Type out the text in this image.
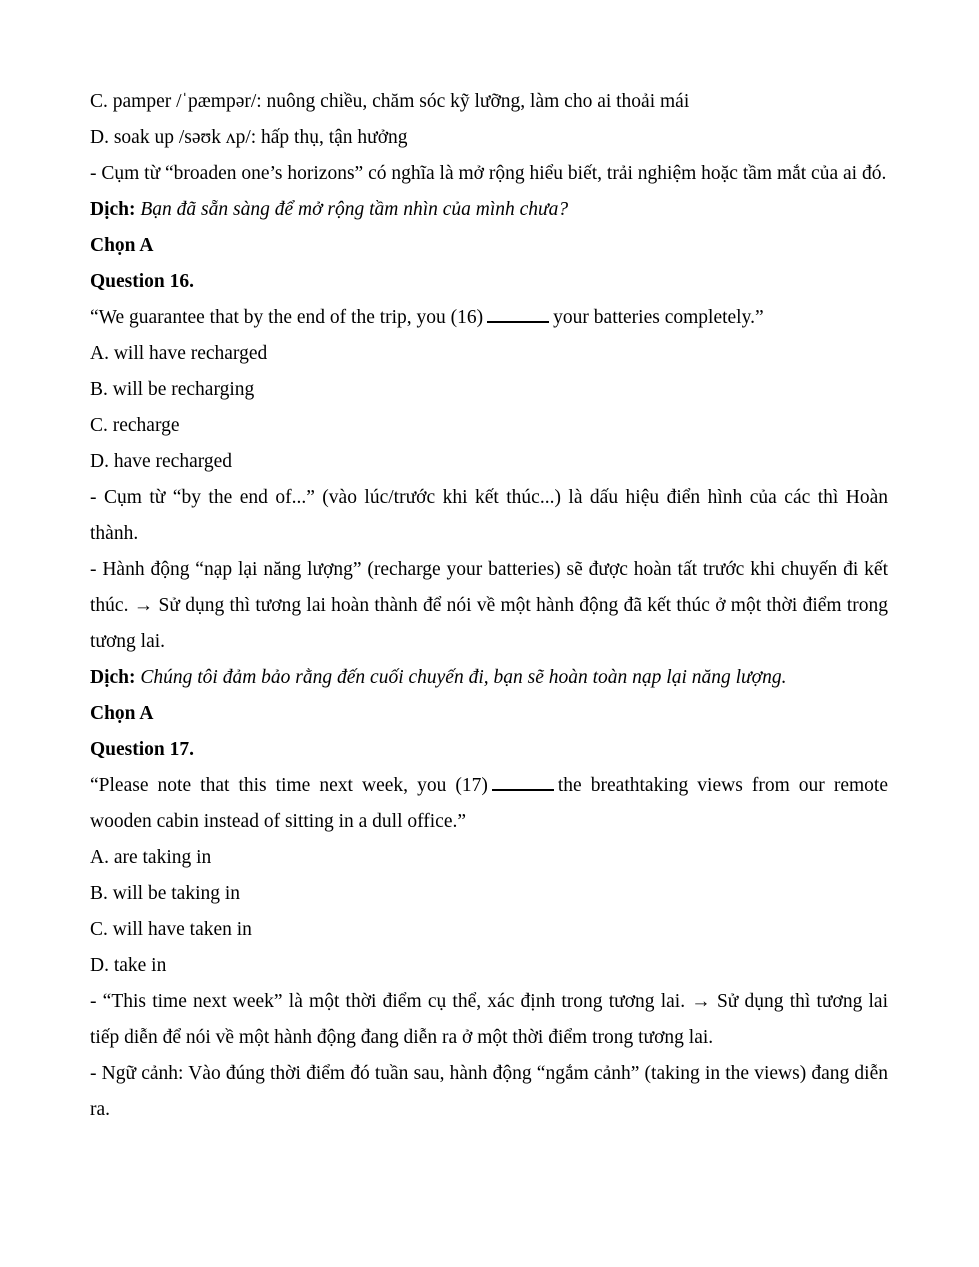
C. pamper /ˈpæmpər/: nuông chiều, chăm sóc kỹ lưỡng, làm cho ai thoải mái
D. soak up /səʊk ʌp/: hấp thụ, tận hưởng
- Cụm từ “broaden one’s horizons” có nghĩa là mở rộng hiểu biết, trải nghiệm hoặc tầm mắt của ai đó.
Dịch: Bạn đã sẵn sàng để mở rộng tầm nhìn của mình chưa?
Chọn A
Question 16.
“We guarantee that by the end of the trip, you (16)	your batteries completely.”
A. will have recharged
B. will be recharging
C. recharge
D. have recharged
- Cụm từ “by the end of...” (vào lúc/trước khi kết thúc...) là dấu hiệu điển hình của các thì Hoàn thành.
- Hành động “nạp lại năng lượng” (recharge your batteries) sẽ được hoàn tất trước khi chuyến đi kết thúc. → Sử dụng thì tương lai hoàn thành để nói về một hành động đã kết thúc ở một thời điểm trong tương lai.
Dịch: Chúng tôi đảm bảo rằng đến cuối chuyến đi, bạn sẽ hoàn toàn nạp lại năng lượng.
Chọn A
Question 17.
“Please note that this time next week, you (17)	the breathtaking views from our remote wooden cabin instead of sitting in a dull office.”
A. are taking in
B. will be taking in
C. will have taken in
D. take in
- “This time next week” là một thời điểm cụ thể, xác định trong tương lai. → Sử dụng thì tương lai tiếp diễn để nói về một hành động đang diễn ra ở một thời điểm trong tương lai.
- Ngữ cảnh: Vào đúng thời điểm đó tuần sau, hành động “ngắm cảnh” (taking in the views) đang diễn ra.
